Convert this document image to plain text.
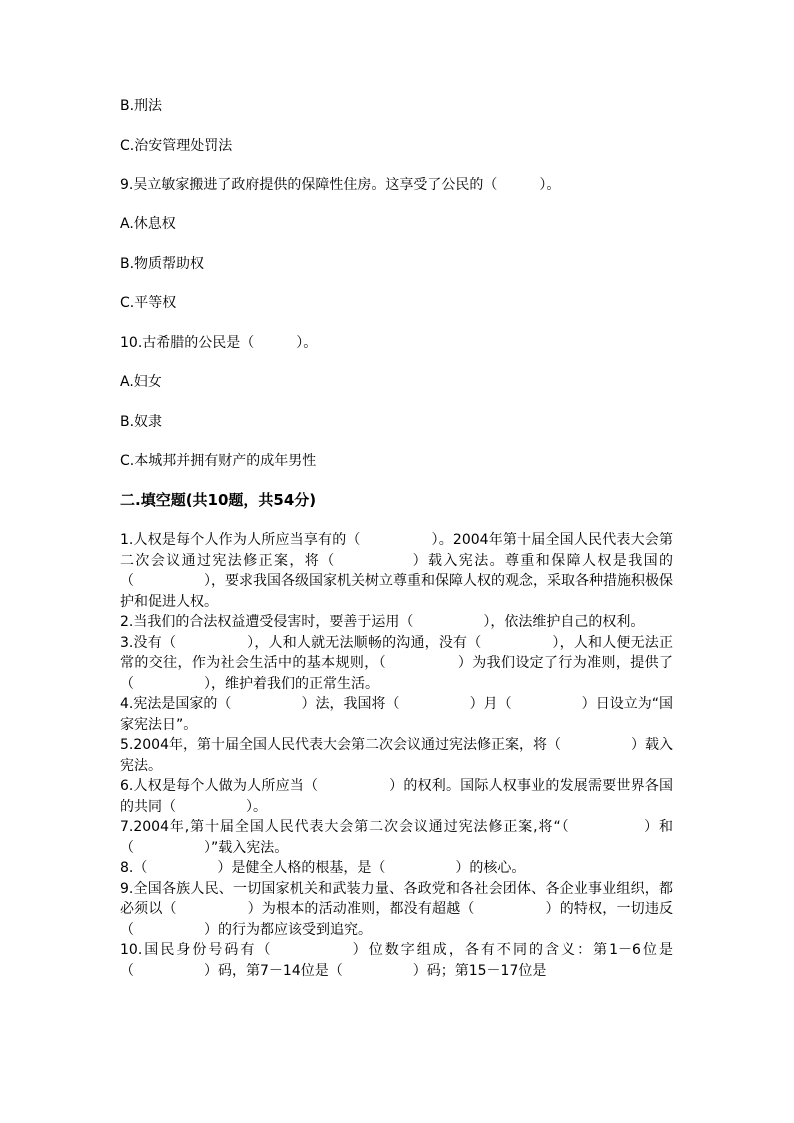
B.刑法
C.治安管理处罚法
9.吴立敏家搬进了政府提供的保障性住房。这享受了公民的（　　　）。
A.休息权
B.物质帮助权
C.平等权
10.古希腊的公民是（　　　）。
A.妇女
B.奴隶
C.本城邦并拥有财产的成年男性
二.填空题(共10题，共54分)

1.人权是每个人作为人所应当享有的（　　　　　）。2004年第十届全国人民代表大会第二次会议通过宪法修正案，将（　　　　　）载入宪法。尊重和保障人权是我国的（　　　　　），要求我国各级国家机关树立尊重和保障人权的观念，采取各种措施积极保护和促进人权。

2.当我们的合法权益遭受侵害时，要善于运用（　　　　　），依法维护自己的权利。

3.没有（　　　　　），人和人就无法顺畅的沟通，没有（　　　　　），人和人便无法正常的交往，作为社会生活中的基本规则，（　　　　　）为我们设定了行为准则，提供了（　　　　　），维护着我们的正常生活。

4.宪法是国家的（　　　　　）法，我国将（　　　　　）月（　　　　　）日设立为“国家宪法日”。

5.2004年，第十届全国人民代表大会第二次会议通过宪法修正案，将（　　　　　）载入宪法。

6.人权是每个人做为人所应当（　　　　　）的权利。国际人权事业的发展需要世界各国的共同（　　　　　）。

7.2004年,第十届全国人民代表大会第二次会议通过宪法修正案,将“（　　　　　）和（　　　　　）”载入宪法。

8.（　　　　　）是健全人格的根基，是（　　　　　）的核心。

9.全国各族人民、一切国家机关和武装力量、各政党和各社会团体、各企业事业组织，都必须以（　　　　　）为根本的活动准则，都没有超越（　　　　　）的特权，一切违反（　　　　　）的行为都应该受到追究。

10.国民身份号码有（　　　　　）位数字组成，各有不同的含义：第1－6位是（　　　　　）码，第7－14位是（　　　　　）码；第15－17位是
